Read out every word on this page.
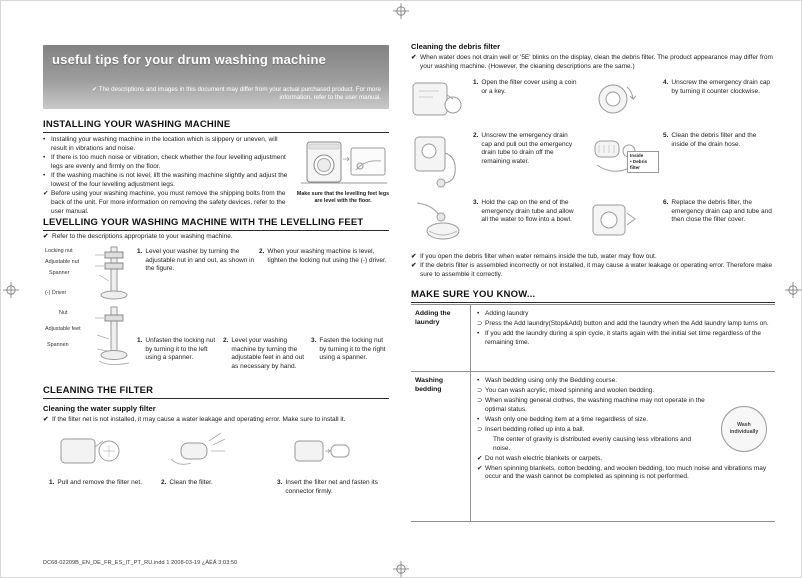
useful tips for your drum washing machine
✔ The descriptions and images in this document may differ from your actual purchased product. For more information, refer to the user manual.
INSTALLING YOUR WASHING MACHINE
• Installing your washing machine in the location which is slippery or uneven, will result in vibrations and noise.
• If there is too much noise or vibration, check whether the four levelling adjustment legs are evenly and firmly on the floor.
• If the washing machine is not level, lift the washing machine slightly and adjust the lowest of the four levelling adjustment legs.
✔ Before using your washing machine, you must remove the shipping bolts from the back of the unit. For more information on removing the safety devices, refer to the user manual.
Make sure that the levelling feet legs are level with the floor.
LEVELLING YOUR WASHING MACHINE WITH THE LEVELLING FEET
✔ Refer to the descriptions appropriate to your washing machine.
Locking nut
Adjustable nut
Spanner
(-) Driver
1. Level your washer by turning the adjustable nut in and out, as shown in the figure.
2. When your washing machine is level, tighten the locking nut using the (-) driver.
Nut
Adjustable feet
Spannen
1. Unfasten the locking nut by turning it to the left using a spanner.
2. Level your washing machine by turning the adjustable feet in and out as necessary by hand.
3. Fasten the locking nut by turning it to the right using a spanner.
CLEANING THE FILTER
Cleaning the water supply filter
✔ If the filter net is not installed, it may cause a water leakage and operating error. Make sure to install it.
1. Pull and remove the filter net.	2. Clean the filter.	3. Insert the filter net and fasten its connector firmly.
DC68-02209B_EN_DE_FR_ES_IT_PT_RU.indd 1 2008-03-19 ¿ÀÈÄ 3:03:50
Cleaning the debris filter
✔ When water does not drain well or '5E' blinks on the display, clean the debris filter. The product appearance may differ from your washing machine. (However, the cleaning descriptions are the same.)
1. Open the filter cover using a coin or a key.
2. Unscrew the emergency drain cap and pull out the emergency drain tube to drain off the remaining water.
3. Hold the cap on the end of the emergency drain tube and allow all the water to flow into a bowl.
Inside
• Debris filter
4. Unscrew the emergency drain cap by turning it counter clockwise.
5. Clean the debris filter and the inside of the drain hose.
6. Replace the debris filter, the emergency drain cap and tube and then close the filter cover.
✔ If you open the debris filter when water remains inside the tub, water may flow out.
✔ If the debris filter is assembled incorrectly or not installed, it may cause a water leakage or operating error. Therefore make sure to assemble it correctly.
MAKE SURE YOU KNOW...
Adding the laundry
• Adding laundry
⊃ Press the Add laundry(Stop&Add) button and add the laundry when the Add laundry lamp turns on.
• If you add the laundry during a spin cycle, it starts again with the initial set time regardless of the remaining time.
Washing bedding
• Wash bedding using only the Bedding course.
⊃ You can wash acrylic, mixed spinning and woolen bedding.
⊃ When washing general clothes, the washing machine may not operate in the optimal status.
• Wash only one bedding item at a time regardless of size.
⊃ Insert bedding rolled up into a ball.
The center of gravity is distributed evenly causing less vibrations and noise.
✔ Do not wash electric blankets or carpets.
✔ When spinning blankets, cotton bedding, and woolen bedding, too much noise and vibrations may occur and the wash cannot be completed as spinning is not performed.
Wash
individually
